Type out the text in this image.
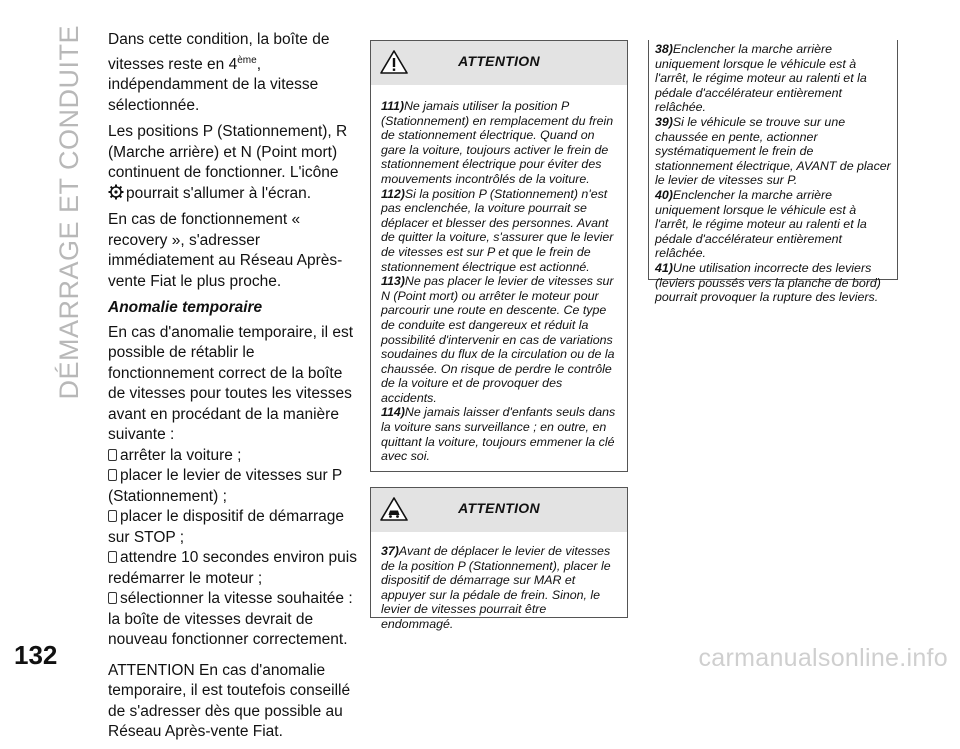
DÉMARRAGE ET CONDUITE Dans cette condition, la boîte de vitesses reste en 4ème, indépendamment de la vitesse sélectionnée.

Les positions P (Stationnement), R (Marche arrière) et N (Point mort) continuent de fonctionner. L'icône
pourrait s'allumer à l'écran.

En cas de fonctionnement « recovery », s'adresser immédiatement au Réseau Après-vente Fiat le plus proche.

Anomalie temporaire

En cas d'anomalie temporaire, il est possible de rétablir le fonctionnement correct de la boîte de vitesses pour toutes les vitesses avant en procédant de la manière suivante :

arrêter la voiture ;

placer le levier de vitesses sur P (Stationnement) ;

placer le dispositif de démarrage sur STOP ;

attendre 10 secondes environ puis redémarrer le moteur ;

sélectionner la vitesse souhaitée : la boîte de vitesses devrait de nouveau fonctionner correctement.

ATTENTION En cas d'anomalie temporaire, il est toutefois conseillé de s'adresser dès que possible au Réseau Après-vente Fiat.

ATTENTION

111)Ne jamais utiliser la position P (Stationnement) en remplacement du frein de stationnement électrique. Quand on gare la voiture, toujours activer le frein de stationnement électrique pour éviter des mouvements incontrôlés de la voiture.

112)Si la position P (Stationnement) n'est pas enclenchée, la voiture pourrait se déplacer et blesser des personnes. Avant de quitter la voiture, s'assurer que le levier de vitesses est sur P et que le frein de stationnement électrique est actionné.

113)Ne pas placer le levier de vitesses sur N (Point mort) ou arrêter le moteur pour parcourir une route en descente. Ce type de conduite est dangereux et réduit la possibilité d'intervenir en cas de variations soudaines du flux de la circulation ou de la chaussée. On risque de perdre le contrôle de la voiture et de provoquer des accidents.

114)Ne jamais laisser d'enfants seuls dans la voiture sans surveillance ; en outre, en quittant la voiture, toujours emmener la clé avec soi.

ATTENTION

37)Avant de déplacer le levier de vitesses de la position P (Stationnement), placer le dispositif de démarrage sur MAR et appuyer sur la pédale de frein. Sinon, le levier de vitesses pourrait être endommagé.

38)Enclencher la marche arrière uniquement lorsque le véhicule est à l'arrêt, le régime moteur au ralenti et la pédale d'accélérateur entièrement relâchée.

39)Si le véhicule se trouve sur une chaussée en pente, actionner systématiquement le frein de stationnement électrique, AVANT de placer le levier de vitesses sur P.

40)Enclencher la marche arrière uniquement lorsque le véhicule est à l'arrêt, le régime moteur au ralenti et la pédale d'accélérateur entièrement relâchée.

41)Une utilisation incorrecte des leviers (leviers poussés vers la planche de bord) pourrait provoquer la rupture des leviers.

132	carmanualsonline.info
